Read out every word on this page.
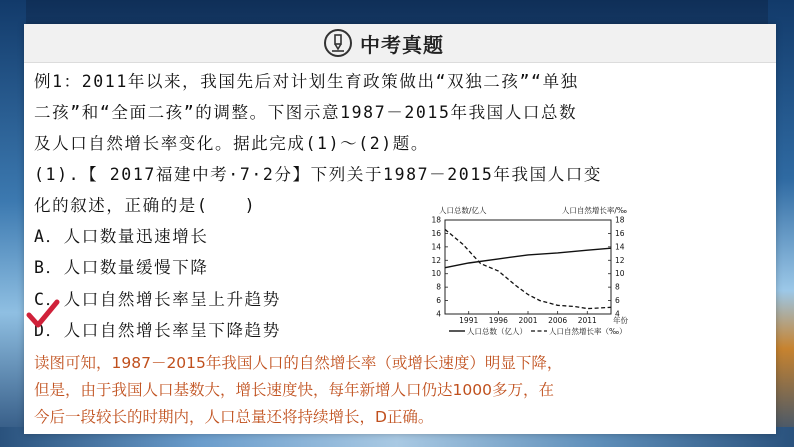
中考真题
例1：2011年以来，我国先后对计划生育政策做出“双独二孩”“单独
二孩”和“全面二孩”的调整。下图示意1987－2015年我国人口总数
及人口自然增长率变化。据此完成(1)～(2)题。
(1).【 2017福建中考·7·2分】下列关于1987－2015年我国人口变
化的叙述，正确的是(　　)
A．人口数量迅速增长
B．人口数量缓慢下降
C．人口自然增长率呈上升趋势
D．人口自然增长率呈下降趋势
读图可知，1987－2015年我国人口的自然增长率（或增长速度）明显下降，
但是，由于我国人口基数大，增长速度快，每年新增人口仍达1000多万，在
今后一段较长的时期内，人口总量还将持续增长，D正确。
人口总数/亿人	人口自然增长率/‰
4
6
8
10
12
14
16
18
4
6
8
10
12
14
16
18
1991 1996 2001 2006 2011 年份
人口总数（亿人）	人口自然增长率（‰）
